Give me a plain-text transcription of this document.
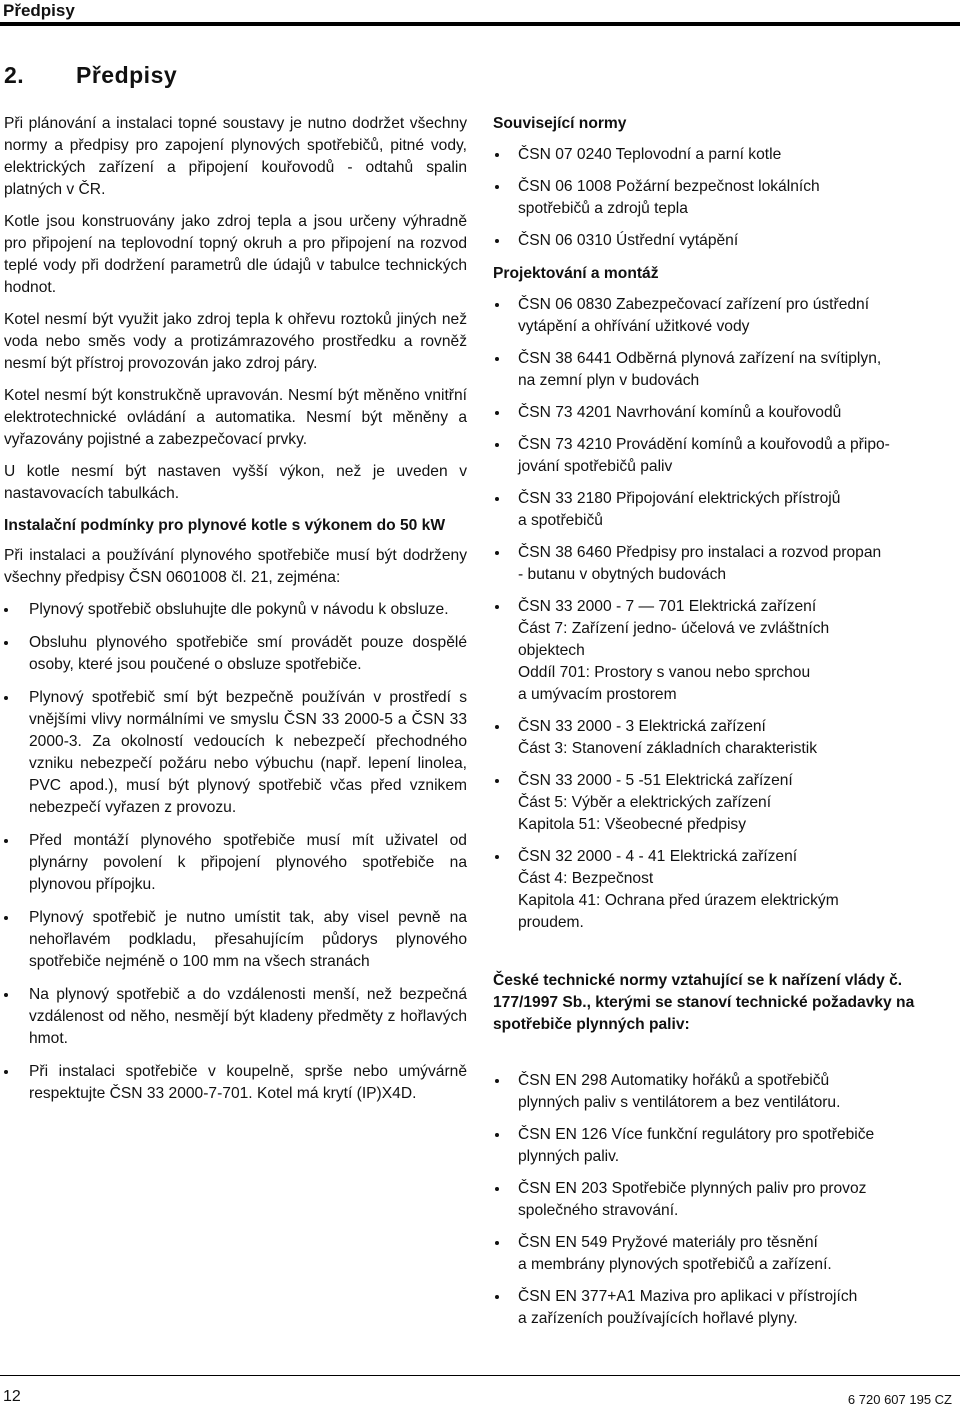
Předpisy
2. Předpisy

Při plánování a instalaci topné soustavy je nutno dodržet všechny normy a předpisy pro zapojení plynových spotřebičů, pitné vody, elektrických zařízení a připojení kouřovodů - odtahů spalin platných v ČR.

Kotle jsou konstruovány jako zdroj tepla a jsou určeny výhradně pro připojení na teplovodní topný okruh a pro připojení na rozvod teplé vody při dodržení parametrů dle údajů v tabulce technických hodnot.

Kotel nesmí být využit jako zdroj tepla k ohřevu roztoků jiných než voda nebo směs vody a protizámrazového prostředku a rovněž nesmí být přístroj provozován jako zdroj páry.

Kotel nesmí být konstrukčně upravován. Nesmí být měněno vnitřní elektrotechnické ovládání a automatika. Nesmí být měněny a vyřazovány pojistné a zabezpečovací prvky.

U kotle nesmí být nastaven vyšší výkon, než je uveden v nastavovacích tabulkách.

Instalační podmínky pro plynové kotle s výkonem do 50 kW

Při instalaci a používání plynového spotřebiče musí být dodrženy všechny předpisy ČSN 0601008 čl. 21, zejména:

Plynový spotřebič obsluhujte dle pokynů v návodu k obsluze.
Obsluhu plynového spotřebiče smí provádět pouze dospělé osoby, které jsou poučené o obsluze spotřebiče.
Plynový spotřebič smí být bezpečně používán v prostředí s vnějšími vlivy normálními ve smyslu ČSN 33 2000-5 a ČSN 33 2000-3. Za okolností vedoucích k nebezpečí přechodného vzniku nebezpečí požáru nebo výbuchu (např. lepení linolea, PVC apod.), musí být plynový spotřebič včas před vznikem nebezpečí vyřazen z provozu.
Před montáží plynového spotřebiče musí mít uživatel od plynárny povolení k připojení plynového spotřebiče na plynovou přípojku.
Plynový spotřebič je nutno umístit tak, aby visel pevně na nehořlavém podkladu, přesahujícím půdorys plynového spotřebiče nejméně o 100 mm na všech stranách
Na plynový spotřebič a do vzdálenosti menší, než bezpečná vzdálenost od něho, nesmějí být kladeny předměty z hořlavých hmot.
Při instalaci spotřebiče v koupelně, sprše nebo umývárně respektujte ČSN 33 2000-7-701. Kotel má krytí (IP)X4D.
Související normy
ČSN 07 0240 Teplovodní a parní kotle
ČSN 06 1008 Požární bezpečnost lokálních
spotřebičů a zdrojů tepla
ČSN 06 0310 Ústřední vytápění
Projektování a montáž
ČSN 06 0830 Zabezpečovací zařízení pro ústřední
vytápění a ohřívání užitkové vody
ČSN 38 6441 Odběrná plynová zařízení na svítiplyn,
na zemní plyn v budovách
ČSN 73 4201 Navrhování komínů a kouřovodů
ČSN 73 4210 Provádění komínů a kouřovodů a připo-
jování spotřebičů paliv
ČSN 33 2180 Připojování elektrických přístrojů
a spotřebičů
ČSN 38 6460 Předpisy pro instalaci a rozvod propan
- butanu v obytných budovách
ČSN 33 2000 - 7 — 701 Elektrická zařízení
Část 7: Zařízení jedno- účelová ve zvláštních
objektech
Oddíl 701: Prostory s vanou nebo sprchou
a umývacím prostorem
ČSN 33 2000 - 3 Elektrická zařízení
Část 3: Stanovení základních charakteristik
ČSN 33 2000 - 5 -51 Elektrická zařízení
Část 5: Výběr a elektrických zařízení
Kapitola 51: Všeobecné předpisy
ČSN 32 2000 - 4 - 41 Elektrická zařízení
Část 4: Bezpečnost
Kapitola 41: Ochrana před úrazem elektrickým
proudem.
České technické normy vztahující se k nařízení vlády č. 177/1997 Sb., kterými se stanoví technické požadavky na spotřebiče plynných paliv:
ČSN EN 298 Automatiky hořáků a spotřebičů
plynných paliv s ventilátorem a bez ventilátoru.
ČSN EN 126 Více funkční regulátory pro spotřebiče
plynných paliv.
ČSN EN 203 Spotřebiče plynných paliv pro provoz
společného stravování.
ČSN EN 549 Pryžové materiály pro těsnění
a membrány plynových spotřebičů a zařízení.
ČSN EN 377+A1 Maziva pro aplikaci v přístrojích
a zařízeních používajících hořlavé plyny.
12	6 720 607 195 CZ
